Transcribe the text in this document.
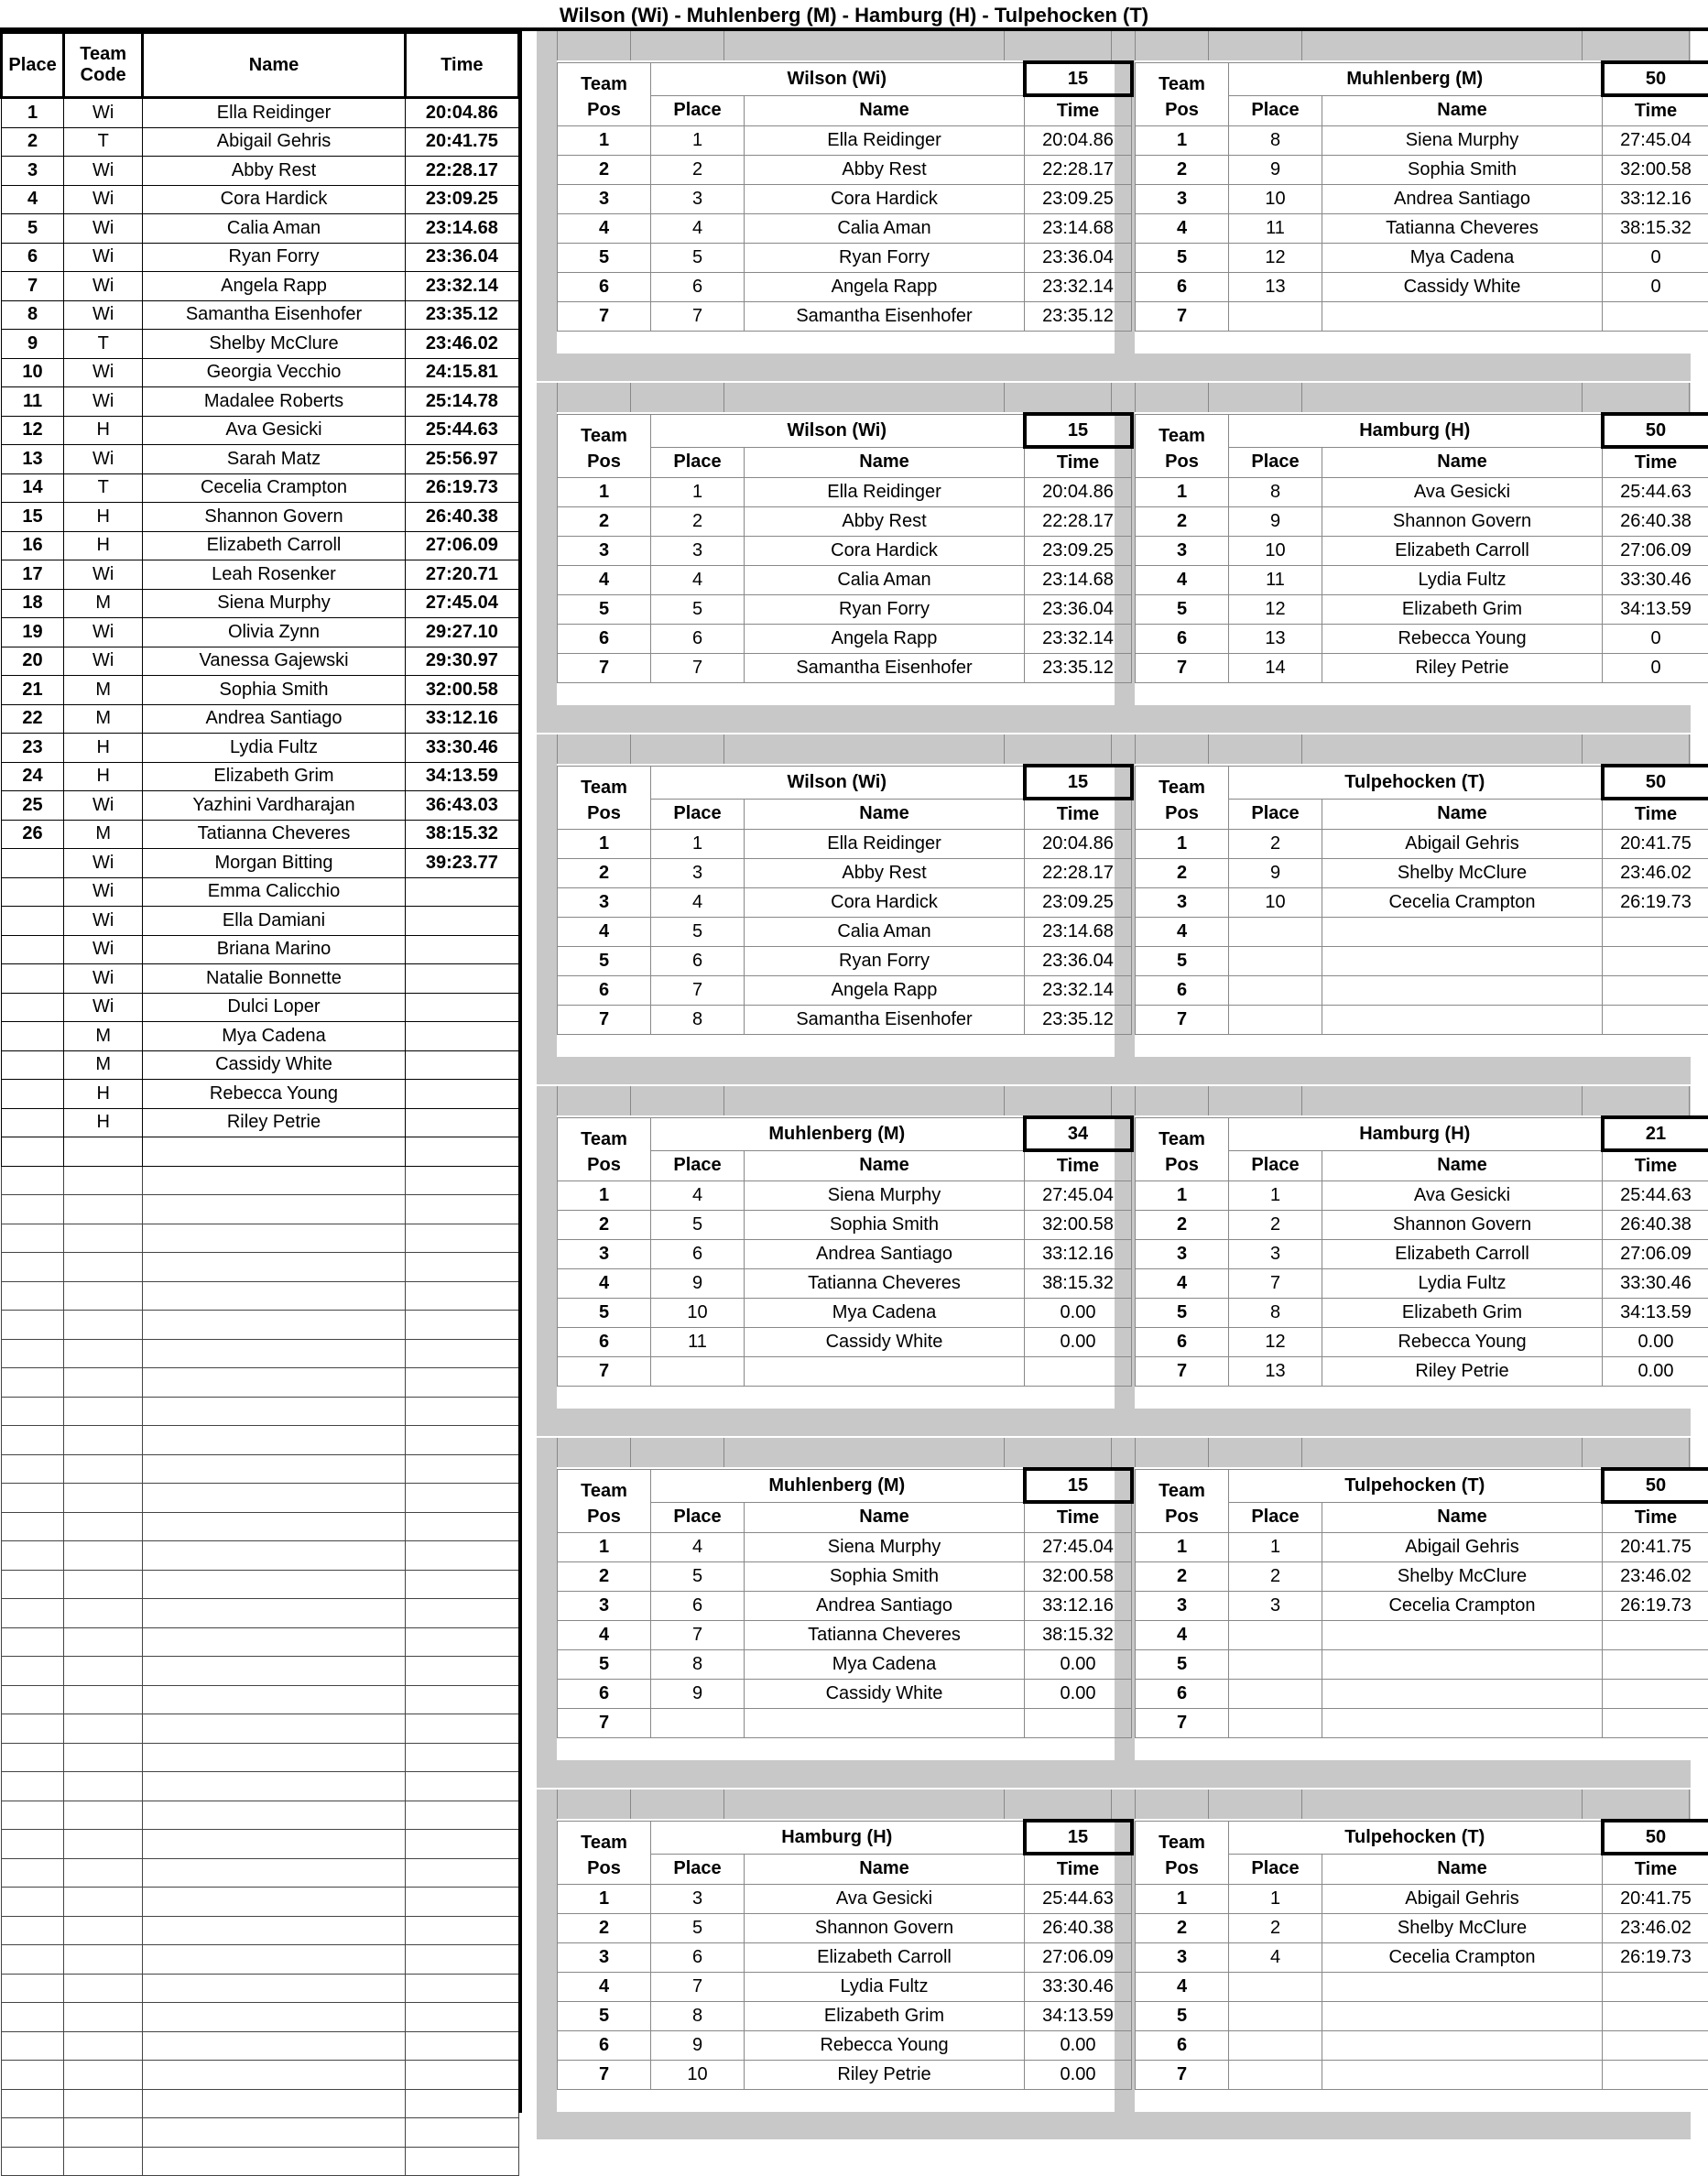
Wilson (Wi) - Muhlenberg (M) - Hamburg (H) - Tulpehocken (T)
Place	Team Code	Name	Time
1	Wi	Ella Reidinger	20:04.86
2	T	Abigail Gehris	20:41.75
3	Wi	Abby Rest	22:28.17
4	Wi	Cora Hardick	23:09.25
5	Wi	Calia Aman	23:14.68
6	Wi	Ryan Forry	23:36.04
7	Wi	Angela Rapp	23:32.14
8	Wi	Samantha Eisenhofer	23:35.12
9	T	Shelby McClure	23:46.02
10	Wi	Georgia Vecchio	24:15.81
11	Wi	Madalee Roberts	25:14.78
12	H	Ava Gesicki	25:44.63
13	Wi	Sarah Matz	25:56.97
14	T	Cecelia Crampton	26:19.73
15	H	Shannon Govern	26:40.38
16	H	Elizabeth Carroll	27:06.09
17	Wi	Leah Rosenker	27:20.71
18	M	Siena Murphy	27:45.04
19	Wi	Olivia Zynn	29:27.10
20	Wi	Vanessa Gajewski	29:30.97
21	M	Sophia Smith	32:00.58
22	M	Andrea Santiago	33:12.16
23	H	Lydia Fultz	33:30.46
24	H	Elizabeth Grim	34:13.59
25	Wi	Yazhini Vardharajan	36:43.03
26	M	Tatianna Cheveres	38:15.32
	Wi	Morgan Bitting	39:23.77
	Wi	Emma Calicchio	
	Wi	Ella Damiani	
	Wi	Briana Marino	
	Wi	Natalie Bonnette	
	Wi	Dulci Loper	
	M	Mya Cadena	
	M	Cassidy White	
	H	Rebecca Young	
	H	Riley Petrie	

Team	Wilson (Wi)		15
Pos	Place	Name	Time
1	1	Ella Reidinger	20:04.86
2	2	Abby Rest	22:28.17
3	3	Cora Hardick	23:09.25
4	4	Calia Aman	23:14.68
5	5	Ryan Forry	23:36.04
6	6	Angela Rapp	23:32.14
7	7	Samantha Eisenhofer	23:35.12
Team	Muhlenberg (M)		50
Pos	Place	Name	Time
1	8	Siena Murphy	27:45.04
2	9	Sophia Smith	32:00.58
3	10	Andrea Santiago	33:12.16
4	11	Tatianna Cheveres	38:15.32
5	12	Mya Cadena	0
6	13	Cassidy White	0
7			
Team	Wilson (Wi)		15
Pos	Place	Name	Time
1	1	Ella Reidinger	20:04.86
2	2	Abby Rest	22:28.17
3	3	Cora Hardick	23:09.25
4	4	Calia Aman	23:14.68
5	5	Ryan Forry	23:36.04
6	6	Angela Rapp	23:32.14
7	7	Samantha Eisenhofer	23:35.12
Team	Hamburg (H)		50
Pos	Place	Name	Time
1	8	Ava Gesicki	25:44.63
2	9	Shannon Govern	26:40.38
3	10	Elizabeth Carroll	27:06.09
4	11	Lydia Fultz	33:30.46
5	12	Elizabeth Grim	34:13.59
6	13	Rebecca Young	0
7	14	Riley Petrie	0
Team	Wilson (Wi)		15
Pos	Place	Name	Time
1	1	Ella Reidinger	20:04.86
2	3	Abby Rest	22:28.17
3	4	Cora Hardick	23:09.25
4	5	Calia Aman	23:14.68
5	6	Ryan Forry	23:36.04
6	7	Angela Rapp	23:32.14
7	8	Samantha Eisenhofer	23:35.12
Team	Tulpehocken (T)		50
Pos	Place	Name	Time
1	2	Abigail Gehris	20:41.75
2	9	Shelby McClure	23:46.02
3	10	Cecelia Crampton	26:19.73
4			
5			
6			
7			
Team	Muhlenberg (M)		34
Pos	Place	Name	Time
1	4	Siena Murphy	27:45.04
2	5	Sophia Smith	32:00.58
3	6	Andrea Santiago	33:12.16
4	9	Tatianna Cheveres	38:15.32
5	10	Mya Cadena	0.00
6	11	Cassidy White	0.00
7			
Team	Hamburg (H)		21
Pos	Place	Name	Time
1	1	Ava Gesicki	25:44.63
2	2	Shannon Govern	26:40.38
3	3	Elizabeth Carroll	27:06.09
4	7	Lydia Fultz	33:30.46
5	8	Elizabeth Grim	34:13.59
6	12	Rebecca Young	0.00
7	13	Riley Petrie	0.00
Team	Muhlenberg (M)		15
Pos	Place	Name	Time
1	4	Siena Murphy	27:45.04
2	5	Sophia Smith	32:00.58
3	6	Andrea Santiago	33:12.16
4	7	Tatianna Cheveres	38:15.32
5	8	Mya Cadena	0.00
6	9	Cassidy White	0.00
7			
Team	Tulpehocken (T)		50
Pos	Place	Name	Time
1	1	Abigail Gehris	20:41.75
2	2	Shelby McClure	23:46.02
3	3	Cecelia Crampton	26:19.73
4			
5			
6			
7			
Team	Hamburg (H)		15
Pos	Place	Name	Time
1	3	Ava Gesicki	25:44.63
2	5	Shannon Govern	26:40.38
3	6	Elizabeth Carroll	27:06.09
4	7	Lydia Fultz	33:30.46
5	8	Elizabeth Grim	34:13.59
6	9	Rebecca Young	0.00
7	10	Riley Petrie	0.00
Team	Tulpehocken (T)		50
Pos	Place	Name	Time
1	1	Abigail Gehris	20:41.75
2	2	Shelby McClure	23:46.02
3	4	Cecelia Crampton	26:19.73
4			
5			
6			
7			
